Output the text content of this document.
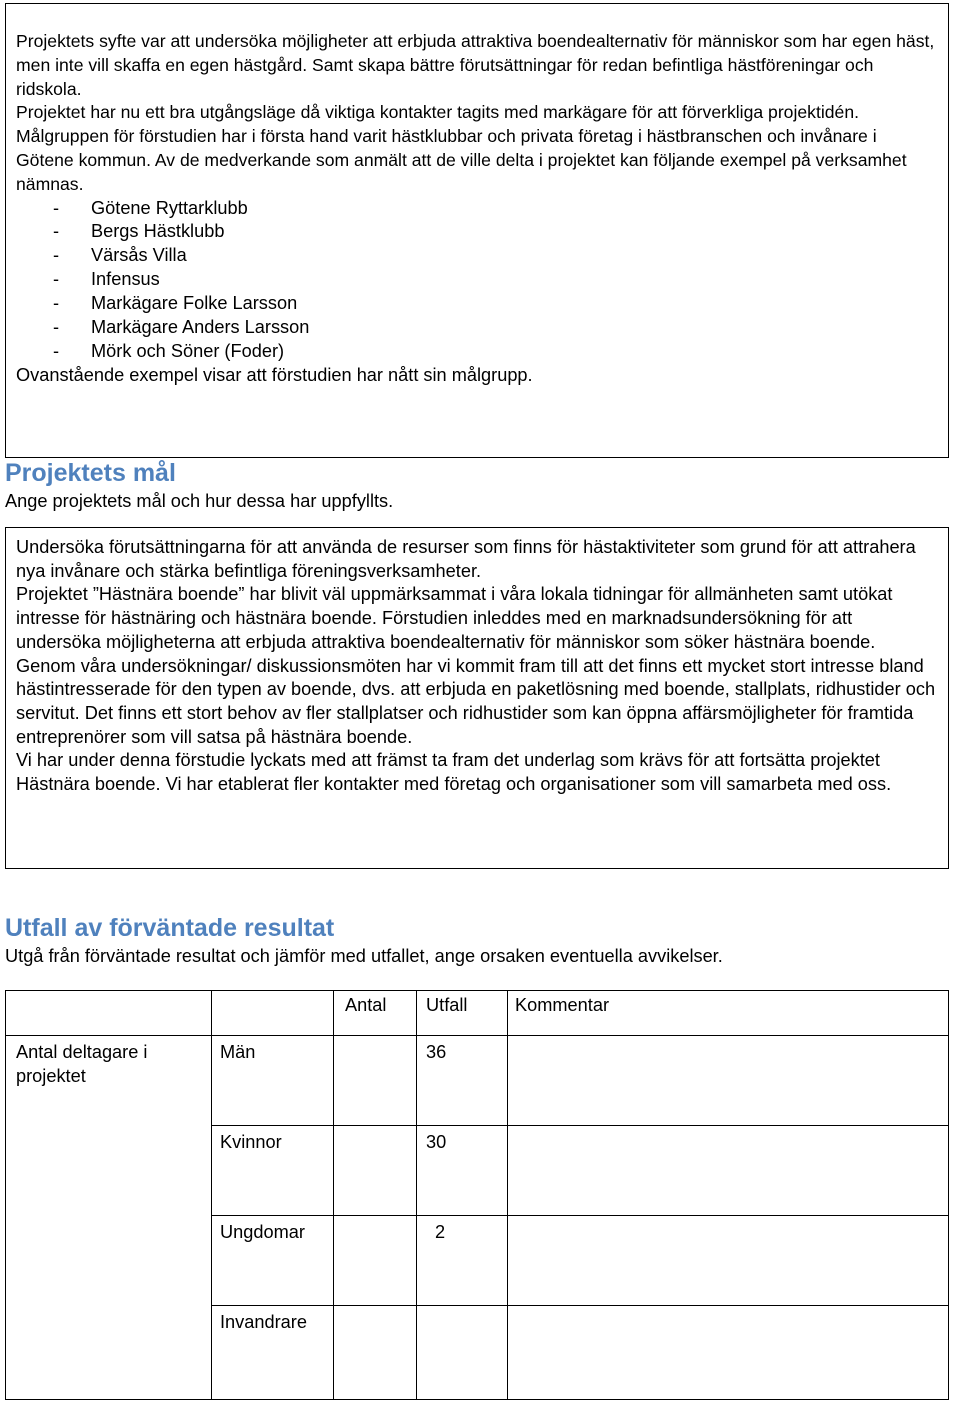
Projektets syfte var att undersöka möjligheter att erbjuda attraktiva boendealternativ för människor som har egen häst, men inte vill skaffa en egen hästgård. Samt skapa bättre förutsättningar för redan befintliga hästföreningar och ridskola.

Projektet har nu ett bra utgångsläge då viktiga kontakter tagits med markägare för att förverkliga projektidén.

Målgruppen för förstudien har i första hand varit hästklubbar och privata företag i hästbranschen och invånare i Götene kommun. Av de medverkande som anmält att de ville delta i projektet kan följande exempel på verksamhet nämnas.

- Götene Ryttarklubb
- Bergs Hästklubb
- Värsås Villa
- Infensus
- Markägare Folke Larsson
- Markägare Anders Larsson
- Mörk och Söner (Foder)

Ovanstående exempel visar att förstudien har nått sin målgrupp.

Projektets mål

Ange projektets mål och hur dessa har uppfyllts.

Undersöka förutsättningarna för att använda de resurser som finns för hästaktiviteter som grund för att attrahera nya invånare och stärka befintliga föreningsverksamheter.

Projektet ”Hästnära boende” har blivit väl uppmärksammat i våra lokala tidningar för allmänheten samt utökat intresse för hästnäring och hästnära boende. Förstudien inleddes med en marknadsundersökning för att undersöka möjligheterna att erbjuda attraktiva boendealternativ för människor som söker hästnära boende. Genom våra undersökningar/ diskussionsmöten har vi kommit fram till att det finns ett mycket stort intresse bland hästintresserade för den typen av boende, dvs. att erbjuda en paketlösning med boende, stallplats, ridhustider och servitut. Det finns ett stort behov av fler stallplatser och ridhustider som kan öppna affärsmöjligheter för framtida entreprenörer som vill satsa på hästnära boende.

Vi har under denna förstudie lyckats med att främst ta fram det underlag som krävs för att fortsätta projektet Hästnära boende. Vi har etablerat fler kontakter med företag och organisationer som vill samarbeta med oss.

Utfall av förväntade resultat

Utgå från förväntade resultat och jämför med utfallet, ange orsaken eventuella avvikelser.

		Antal	Utfall	Kommentar

Antal deltagare i projektet	Män		36	

	Kvinnor		30	

	Ungdomar		2	

	Invandrare			
